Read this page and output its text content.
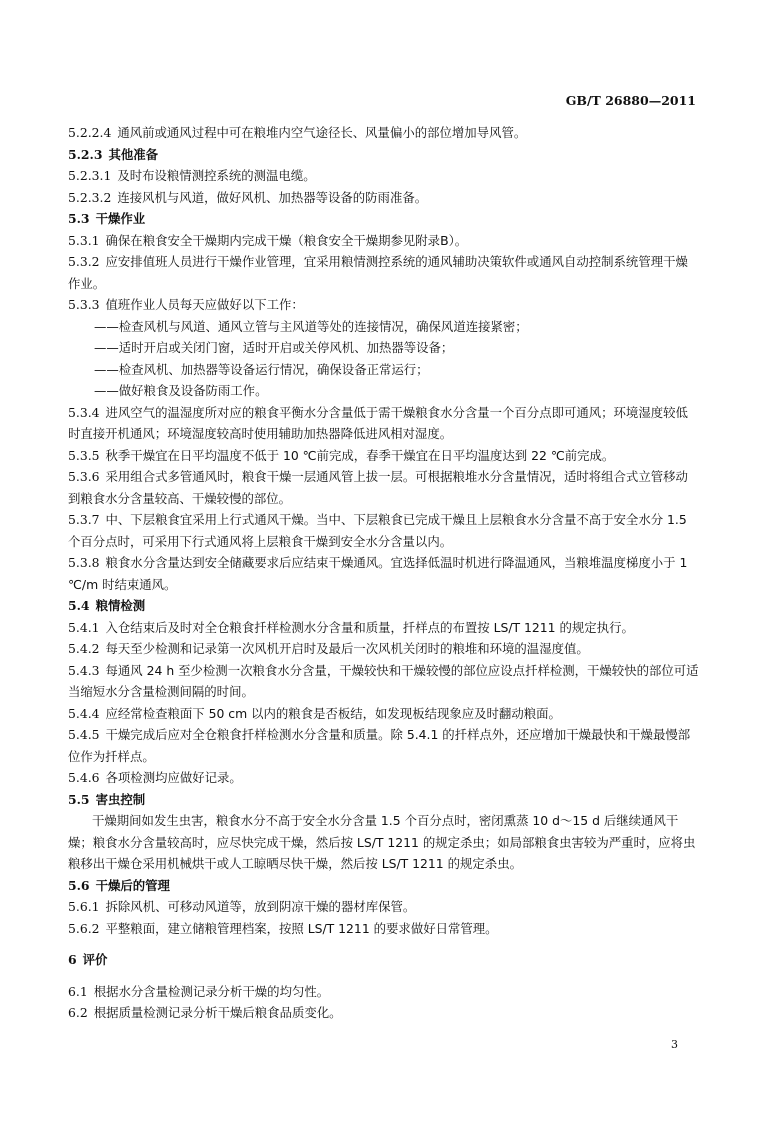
GB/T 26880—2011

5.2.2.4 通风前或通风过程中可在粮堆内空气途径长、风量偏小的部位增加导风管。

5.2.3 其他准备

5.2.3.1 及时布设粮情测控系统的测温电缆。

5.2.3.2 连接风机与风道，做好风机、加热器等设备的防雨准备。

5.3 干燥作业

5.3.1 确保在粮食安全干燥期内完成干燥（粮食安全干燥期参见附录B）。

5.3.2 应安排值班人员进行干燥作业管理，宜采用粮情测控系统的通风辅助决策软件或通风自动控制系统管理干燥作业。

5.3.3 值班作业人员每天应做好以下工作：

——检查风机与风道、通风立管与主风道等处的连接情况，确保风道连接紧密；

——适时开启或关闭门窗，适时开启或关停风机、加热器等设备；

——检查风机、加热器等设备运行情况，确保设备正常运行；

——做好粮食及设备防雨工作。

5.3.4 进风空气的温湿度所对应的粮食平衡水分含量低于需干燥粮食水分含量一个百分点即可通风；环境湿度较低时直接开机通风；环境湿度较高时使用辅助加热器降低进风相对湿度。

5.3.5 秋季干燥宜在日平均温度不低于 10 ℃前完成，春季干燥宜在日平均温度达到 22 ℃前完成。

5.3.6 采用组合式多管通风时，粮食干燥一层通风管上拔一层。可根据粮堆水分含量情况，适时将组合式立管移动到粮食水分含量较高、干燥较慢的部位。

5.3.7 中、下层粮食宜采用上行式通风干燥。当中、下层粮食已完成干燥且上层粮食水分含量不高于安全水分 1.5 个百分点时，可采用下行式通风将上层粮食干燥到安全水分含量以内。

5.3.8 粮食水分含量达到安全储藏要求后应结束干燥通风。宜选择低温时机进行降温通风，当粮堆温度梯度小于 1 ℃/m 时结束通风。

5.4 粮情检测

5.4.1 入仓结束后及时对全仓粮食扦样检测水分含量和质量，扦样点的布置按 LS/T 1211 的规定执行。

5.4.2 每天至少检测和记录第一次风机开启时及最后一次风机关闭时的粮堆和环境的温湿度值。

5.4.3 每通风 24 h 至少检测一次粮食水分含量，干燥较快和干燥较慢的部位应设点扦样检测，干燥较快的部位可适当缩短水分含量检测间隔的时间。

5.4.4 应经常检查粮面下 50 cm 以内的粮食是否板结，如发现板结现象应及时翻动粮面。

5.4.5 干燥完成后应对全仓粮食扦样检测水分含量和质量。除 5.4.1 的扦样点外，还应增加干燥最快和干燥最慢部位作为扦样点。

5.4.6 各项检测均应做好记录。

5.5 害虫控制

干燥期间如发生虫害，粮食水分不高于安全水分含量 1.5 个百分点时，密闭熏蒸 10 d～15 d 后继续通风干燥；粮食水分含量较高时，应尽快完成干燥，然后按 LS/T 1211 的规定杀虫；如局部粮食虫害较为严重时，应将虫粮移出干燥仓采用机械烘干或人工晾晒尽快干燥，然后按 LS/T 1211 的规定杀虫。

5.6 干燥后的管理

5.6.1 拆除风机、可移动风道等，放到阴凉干燥的器材库保管。

5.6.2 平整粮面，建立储粮管理档案，按照 LS/T 1211 的要求做好日常管理。

6 评价

6.1 根据水分含量检测记录分析干燥的均匀性。

6.2 根据质量检测记录分析干燥后粮食品质变化。

3
